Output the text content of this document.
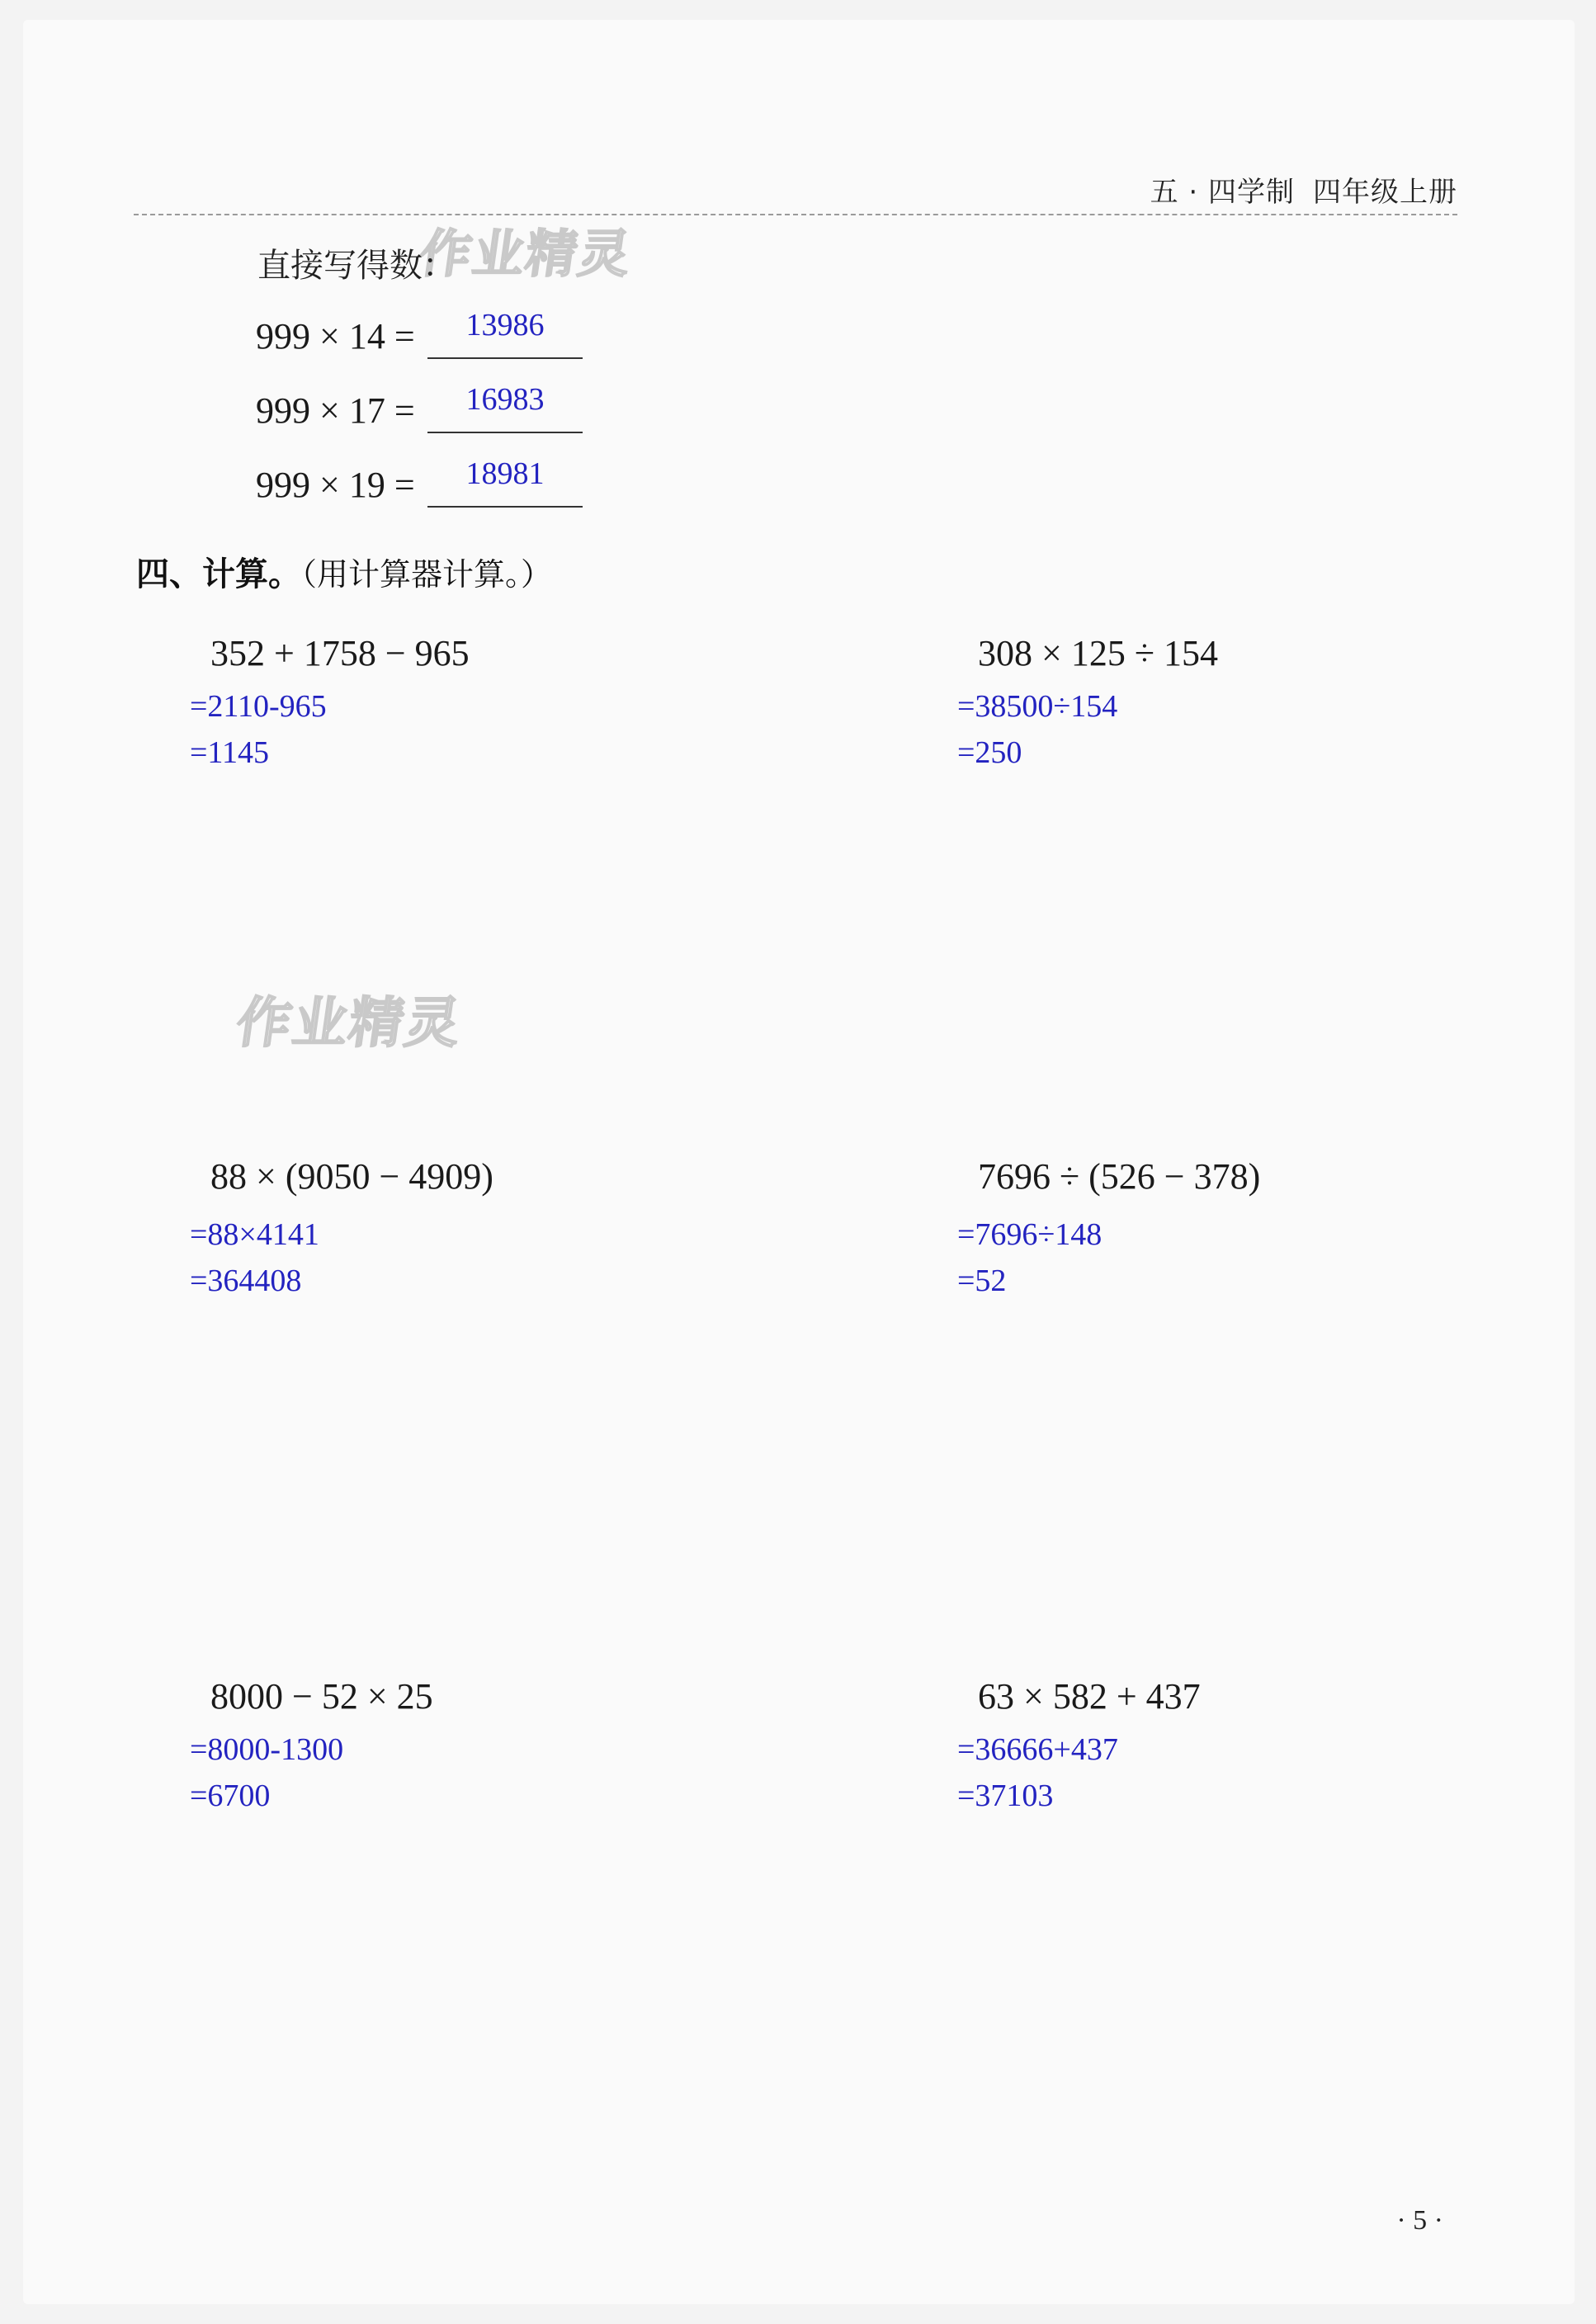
五 · 四学制 四年级上册
作业精灵
作业精灵
直接写得数：
999 × 14 =	13986
999 × 17 =	16983
999 × 19 =	18981
四、计算。（用计算器计算。）
352 + 1758 − 965
=2110-965
=1145
308 × 125 ÷ 154
=38500÷154
=250
88 × (9050 − 4909)
=88×4141
=364408
7696 ÷ (526 − 378)
=7696÷148
=52
8000 − 52 × 25
=8000-1300
=6700
63 × 582 + 437
=36666+437
=37103
· 5 ·
